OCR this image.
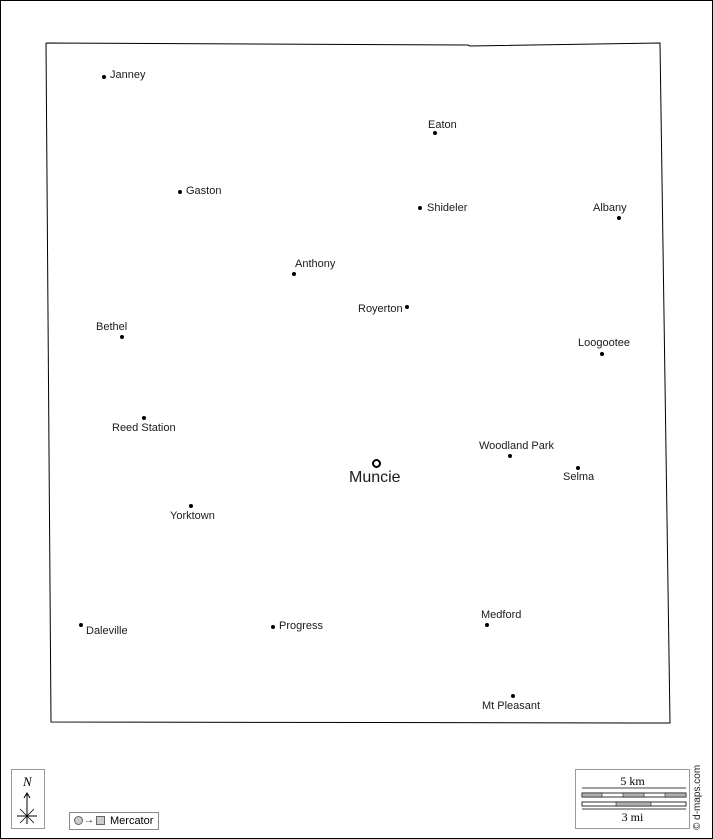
Janney
Eaton
Gaston
Shideler	Albany
Anthony
Royerton
Bethel
Loogootee
Reed Station
Woodland Park
Muncie	Selma
Yorktown
Medford
Daleville	Progress
Mt Pleasant
N
→ Mercator
5 km
3 mi	© d-maps.com
